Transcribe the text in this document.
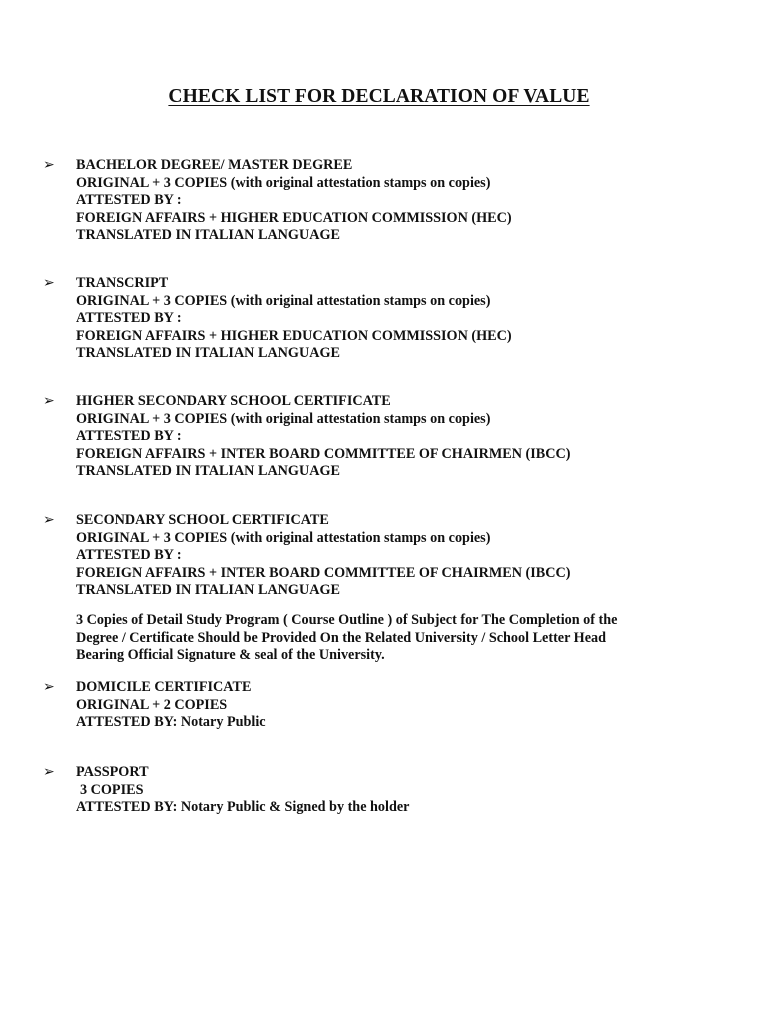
CHECK LIST FOR DECLARATION OF VALUE
➢ BACHELOR DEGREE/ MASTER DEGREE
ORIGINAL + 3 COPIES (with original attestation stamps on copies)
ATTESTED BY :
FOREIGN AFFAIRS + HIGHER EDUCATION COMMISSION (HEC)
TRANSLATED IN ITALIAN LANGUAGE
➢ TRANSCRIPT
ORIGINAL + 3 COPIES (with original attestation stamps on copies)
ATTESTED BY :
FOREIGN AFFAIRS + HIGHER EDUCATION COMMISSION (HEC)
TRANSLATED IN ITALIAN LANGUAGE
➢ HIGHER SECONDARY SCHOOL CERTIFICATE
ORIGINAL + 3 COPIES (with original attestation stamps on copies)
ATTESTED BY :
FOREIGN AFFAIRS + INTER BOARD COMMITTEE OF CHAIRMEN (IBCC)
TRANSLATED IN ITALIAN LANGUAGE
➢ SECONDARY SCHOOL CERTIFICATE
ORIGINAL + 3 COPIES (with original attestation stamps on copies)
ATTESTED BY :
FOREIGN AFFAIRS + INTER BOARD COMMITTEE OF CHAIRMEN (IBCC)
TRANSLATED IN ITALIAN LANGUAGE
3 Copies of Detail Study Program ( Course Outline ) of Subject for The Completion of the
Degree / Certificate Should be Provided On the Related University / School Letter Head
Bearing Official Signature & seal of the University.
➢ DOMICILE CERTIFICATE
ORIGINAL + 2 COPIES
ATTESTED BY: Notary Public
➢ PASSPORT
3 COPIES
ATTESTED BY: Notary Public & Signed by the holder
